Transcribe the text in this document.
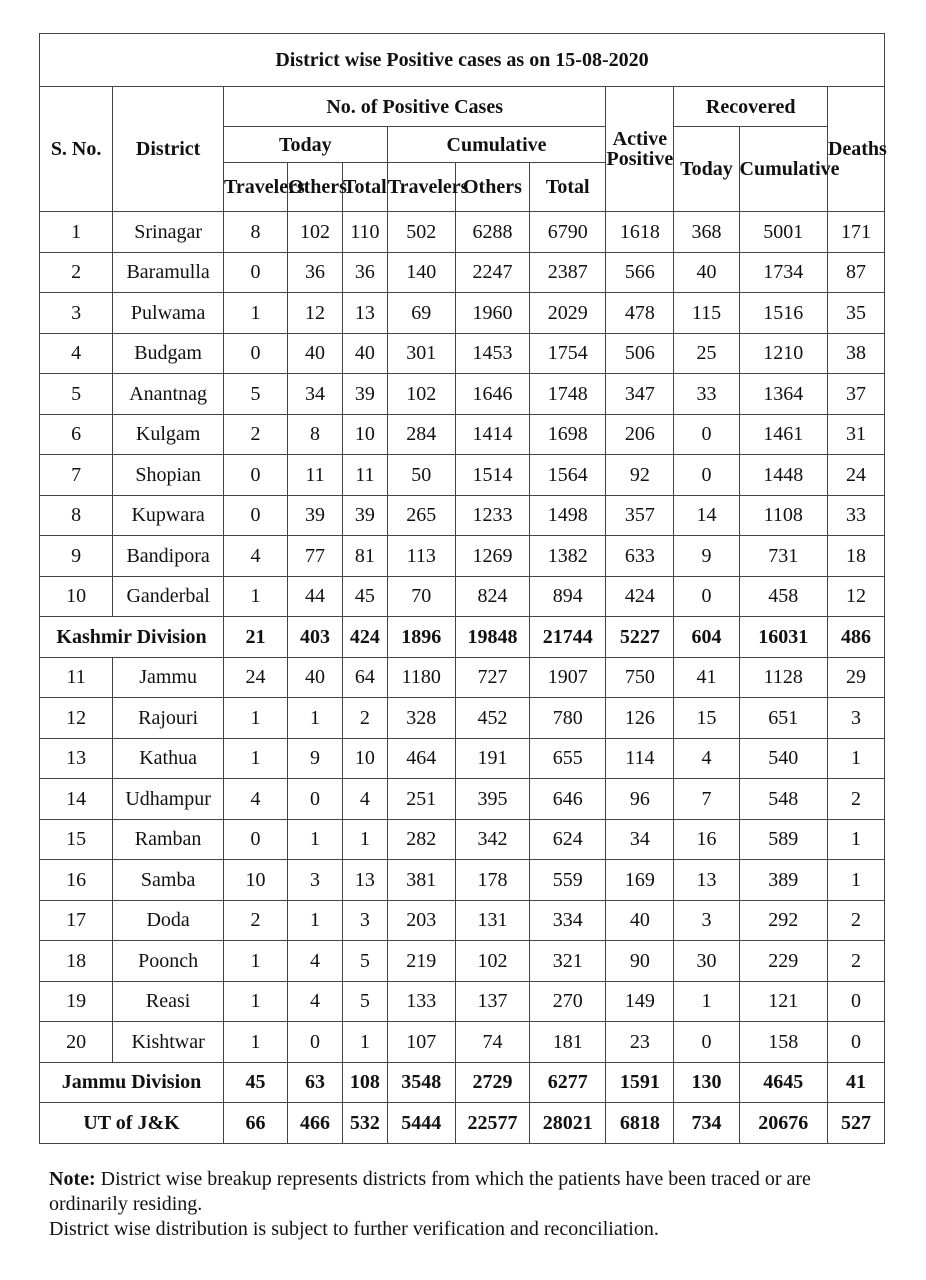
District wise Positive cases as on 15-08-2020											
S. No.	District	No. of Positive Cases						Active Positive	Recovered		Deaths
		Today			Cumulative				Today	Cumulative	
		Travelers	Others	Total	Travelers	Others	Total				
1	Srinagar	8	102	110	502	6288	6790	1618	368	5001	171
2	Baramulla	0	36	36	140	2247	2387	566	40	1734	87
3	Pulwama	1	12	13	69	1960	2029	478	115	1516	35
4	Budgam	0	40	40	301	1453	1754	506	25	1210	38
5	Anantnag	5	34	39	102	1646	1748	347	33	1364	37
6	Kulgam	2	8	10	284	1414	1698	206	0	1461	31
7	Shopian	0	11	11	50	1514	1564	92	0	1448	24
8	Kupwara	0	39	39	265	1233	1498	357	14	1108	33
9	Bandipora	4	77	81	113	1269	1382	633	9	731	18
10	Ganderbal	1	44	45	70	824	894	424	0	458	12
Kashmir Division		21	403	424	1896	19848	21744	5227	604	16031	486
11	Jammu	24	40	64	1180	727	1907	750	41	1128	29
12	Rajouri	1	1	2	328	452	780	126	15	651	3
13	Kathua	1	9	10	464	191	655	114	4	540	1
14	Udhampur	4	0	4	251	395	646	96	7	548	2
15	Ramban	0	1	1	282	342	624	34	16	589	1
16	Samba	10	3	13	381	178	559	169	13	389	1
17	Doda	2	1	3	203	131	334	40	3	292	2
18	Poonch	1	4	5	219	102	321	90	30	229	2
19	Reasi	1	4	5	133	137	270	149	1	121	0
20	Kishtwar	1	0	1	107	74	181	23	0	158	0
Jammu Division		45	63	108	3548	2729	6277	1591	130	4645	41
UT of J&K		66	466	532	5444	22577	28021	6818	734	20676	527
Note: District wise breakup represents districts from which the patients have been traced or are ordinarily residing.
District wise distribution is subject to further verification and reconciliation.
